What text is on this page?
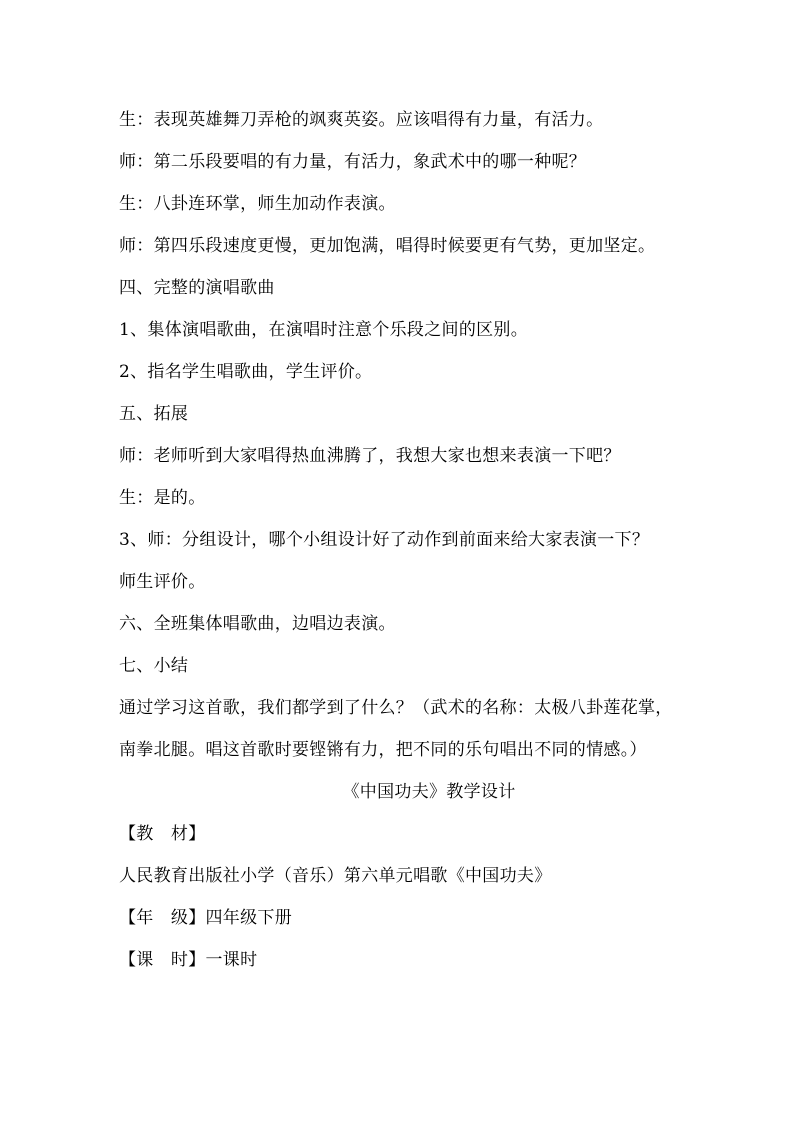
生：表现英雄舞刀弄枪的飒爽英姿。应该唱得有力量，有活力。
师：第二乐段要唱的有力量，有活力，象武术中的哪一种呢？
生：八卦连环掌，师生加动作表演。
师：第四乐段速度更慢，更加饱满，唱得时候要更有气势，更加坚定。
四、完整的演唱歌曲
1、集体演唱歌曲，在演唱时注意个乐段之间的区别。
2、指名学生唱歌曲，学生评价。
五、拓展
师：老师听到大家唱得热血沸腾了，我想大家也想来表演一下吧？
生：是的。
3、师：分组设计，哪个小组设计好了动作到前面来给大家表演一下？
师生评价。
六、全班集体唱歌曲，边唱边表演。
七、小结
通过学习这首歌，我们都学到了什么？（武术的名称：太极八卦莲花掌，南拳北腿。唱这首歌时要铿锵有力，把不同的乐句唱出不同的情感。）
《中国功夫》教学设计
【教　材】
人民教育出版社小学（音乐）第六单元唱歌《中国功夫》
【年　级】四年级下册
【课　时】一课时
